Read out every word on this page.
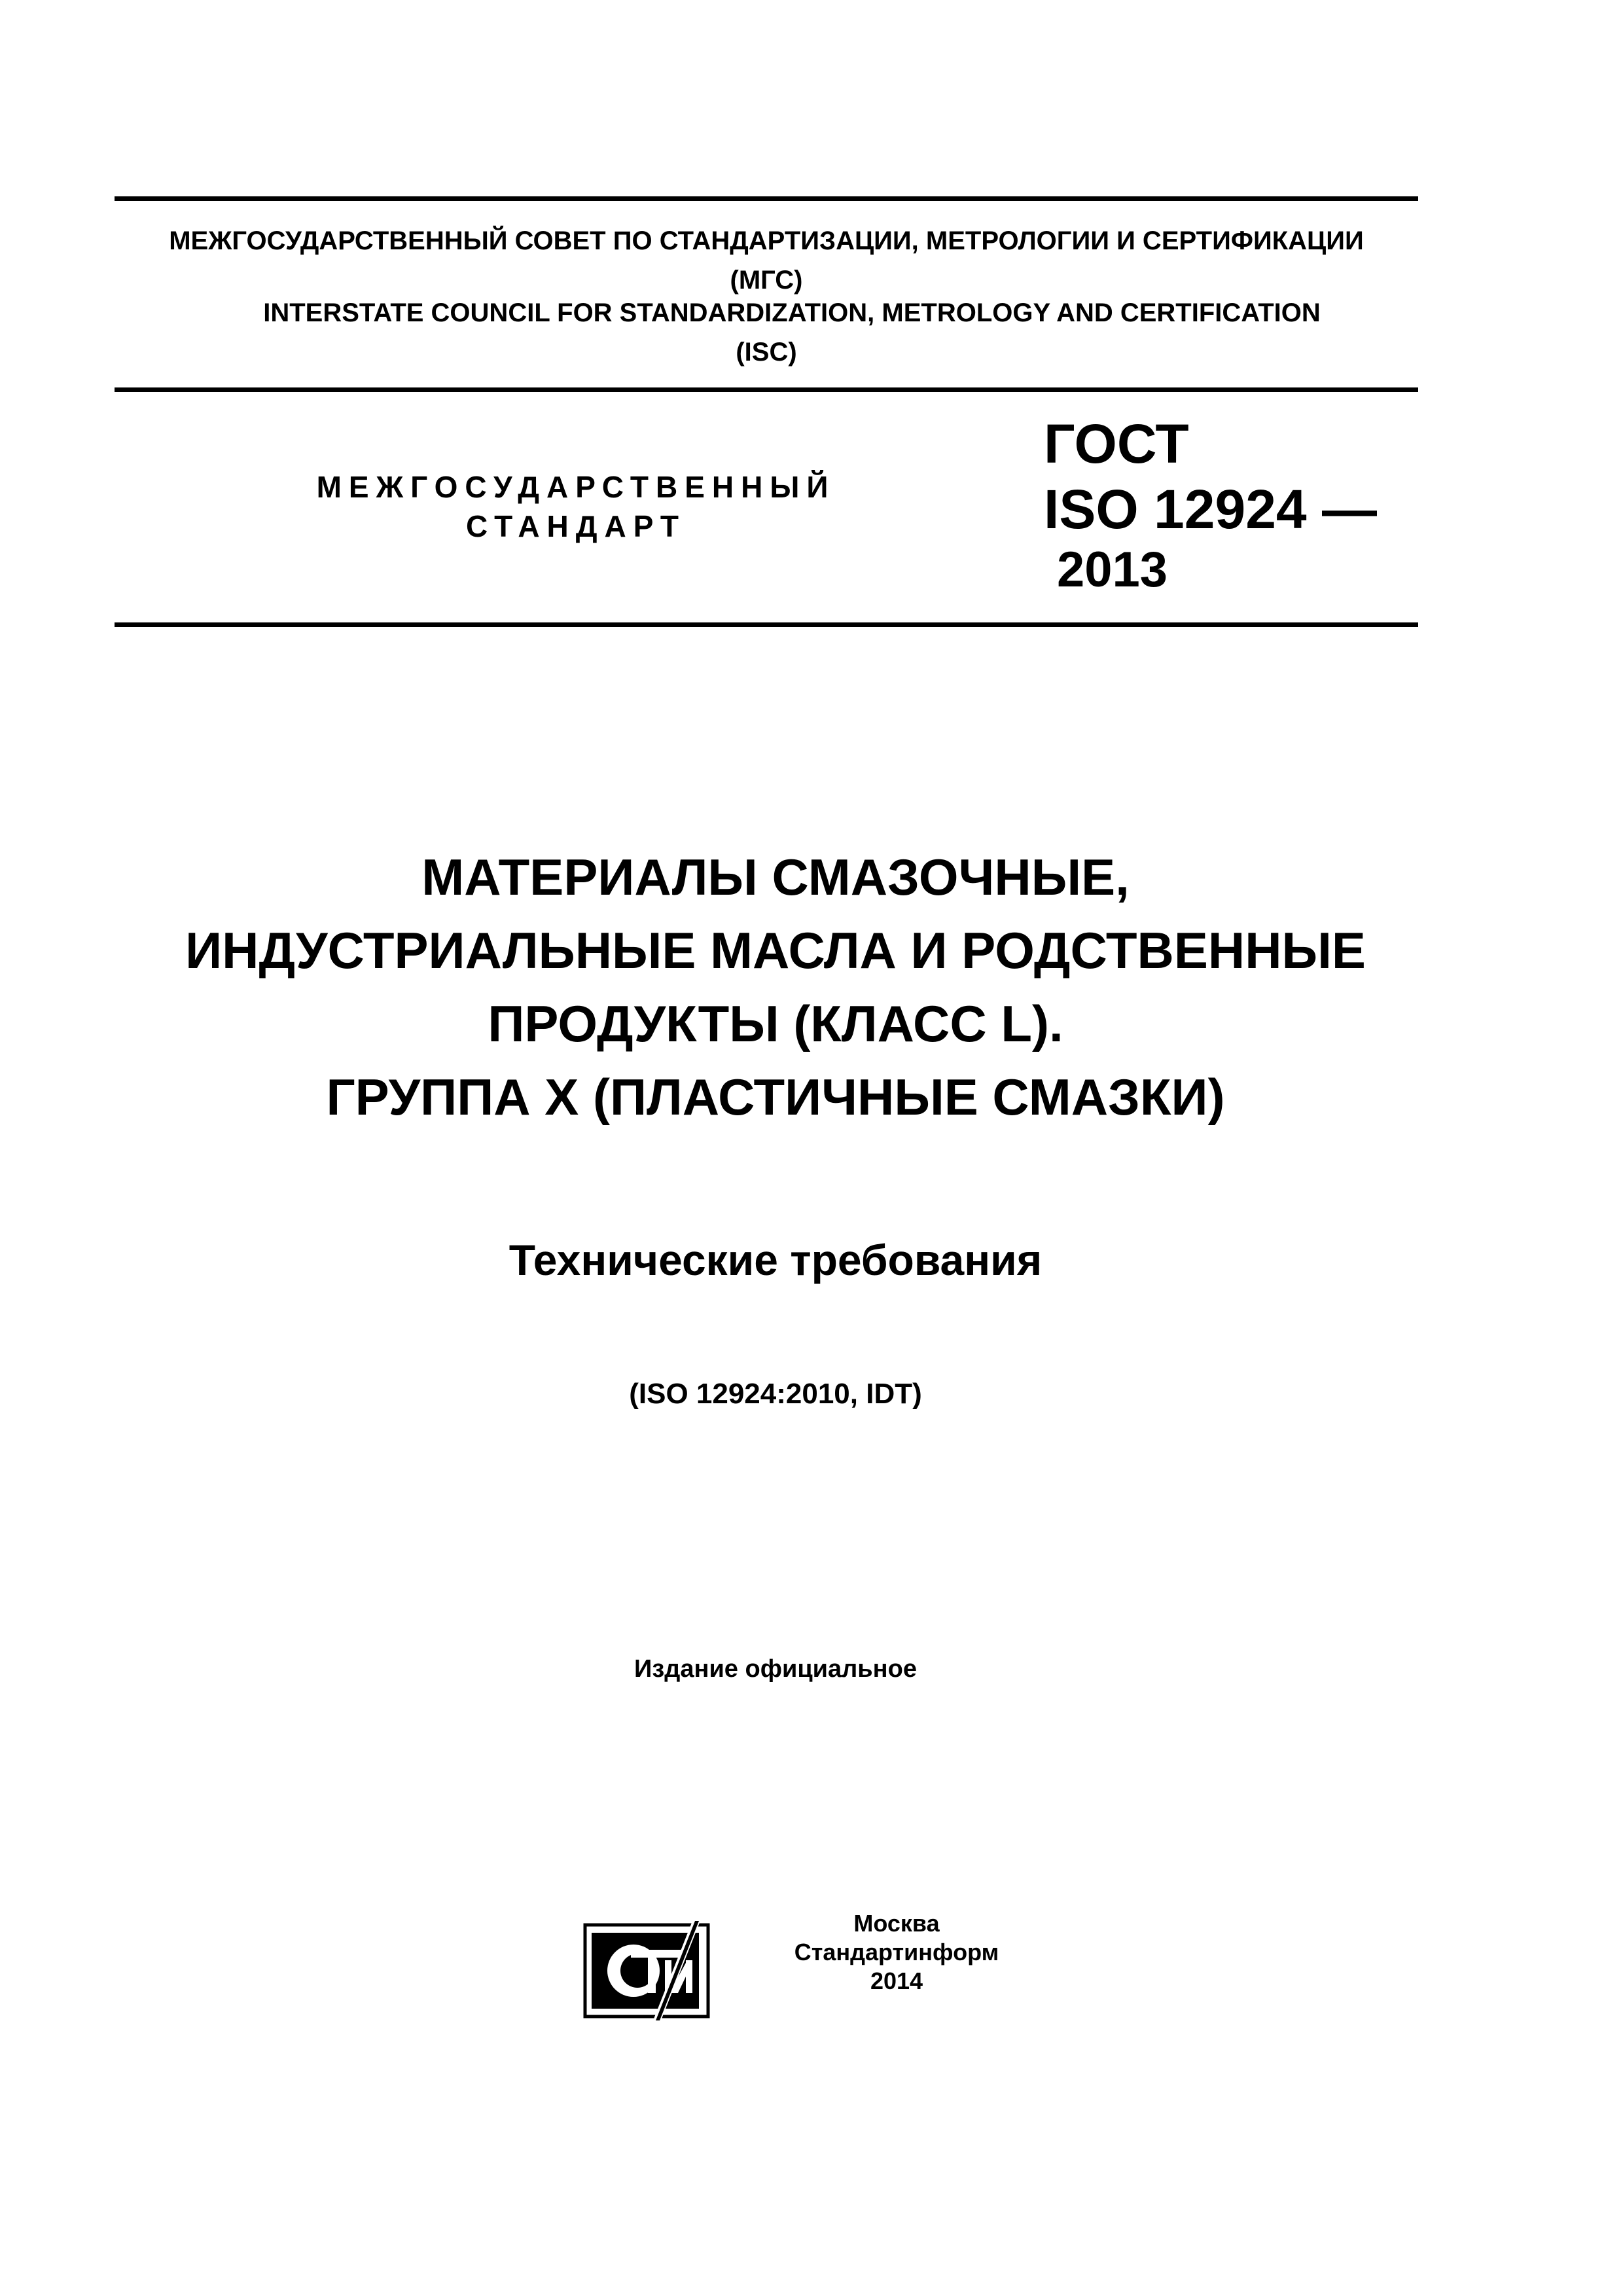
МЕЖГОСУДАРСТВЕННЫЙ СОВЕТ ПО СТАНДАРТИЗАЦИИ, МЕТРОЛОГИИ И СЕРТИФИКАЦИИ
(МГС)
INTERSTATE COUNCIL FOR STANDARDIZATION, METROLOGY AND CERTIFICATION
(ISC)
МЕЖГОСУДАРСТВЕННЫЙ
СТАНДАРТ
ГОСТ
ISO 12924 —
2013
МАТЕРИАЛЫ СМАЗОЧНЫЕ,
ИНДУСТРИАЛЬНЫЕ МАСЛА И РОДСТВЕННЫЕ
ПРОДУКТЫ (КЛАСС L).
ГРУППА X (ПЛАСТИЧНЫЕ СМАЗКИ)
Технические требования
(ISO 12924:2010, IDT)
Издание официальное
Москва
Стандартинформ
2014
